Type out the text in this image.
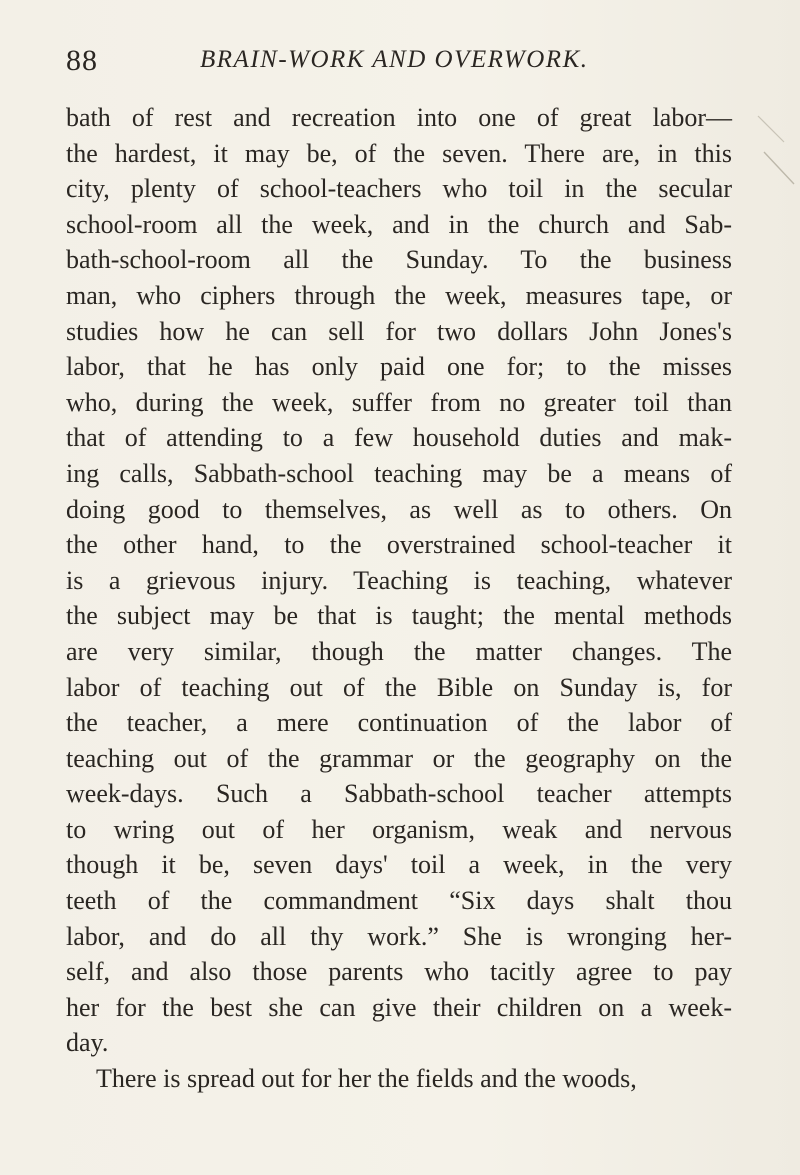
88	BRAIN-WORK AND OVERWORK.
bath of rest and recreation into one of great labor—
the hardest, it may be, of the seven. There are, in this
city, plenty of school-teachers who toil in the secular
school-room all the week, and in the church and Sab-
bath-school-room all the Sunday. To the business
man, who ciphers through the week, measures tape, or
studies how he can sell for two dollars John Jones's
labor, that he has only paid one for; to the misses
who, during the week, suffer from no greater toil than
that of attending to a few household duties and mak-
ing calls, Sabbath-school teaching may be a means of
doing good to themselves, as well as to others. On
the other hand, to the overstrained school-teacher it
is a grievous injury. Teaching is teaching, whatever
the subject may be that is taught; the mental methods
are very similar, though the matter changes. The
labor of teaching out of the Bible on Sunday is, for
the teacher, a mere continuation of the labor of
teaching out of the grammar or the geography on the
week-days. Such a Sabbath-school teacher attempts
to wring out of her organism, weak and nervous
though it be, seven days' toil a week, in the very
teeth of the commandment “Six days shalt thou
labor, and do all thy work.” She is wronging her-
self, and also those parents who tacitly agree to pay
her for the best she can give their children on a week-
day.
There is spread out for her the fields and the woods,
